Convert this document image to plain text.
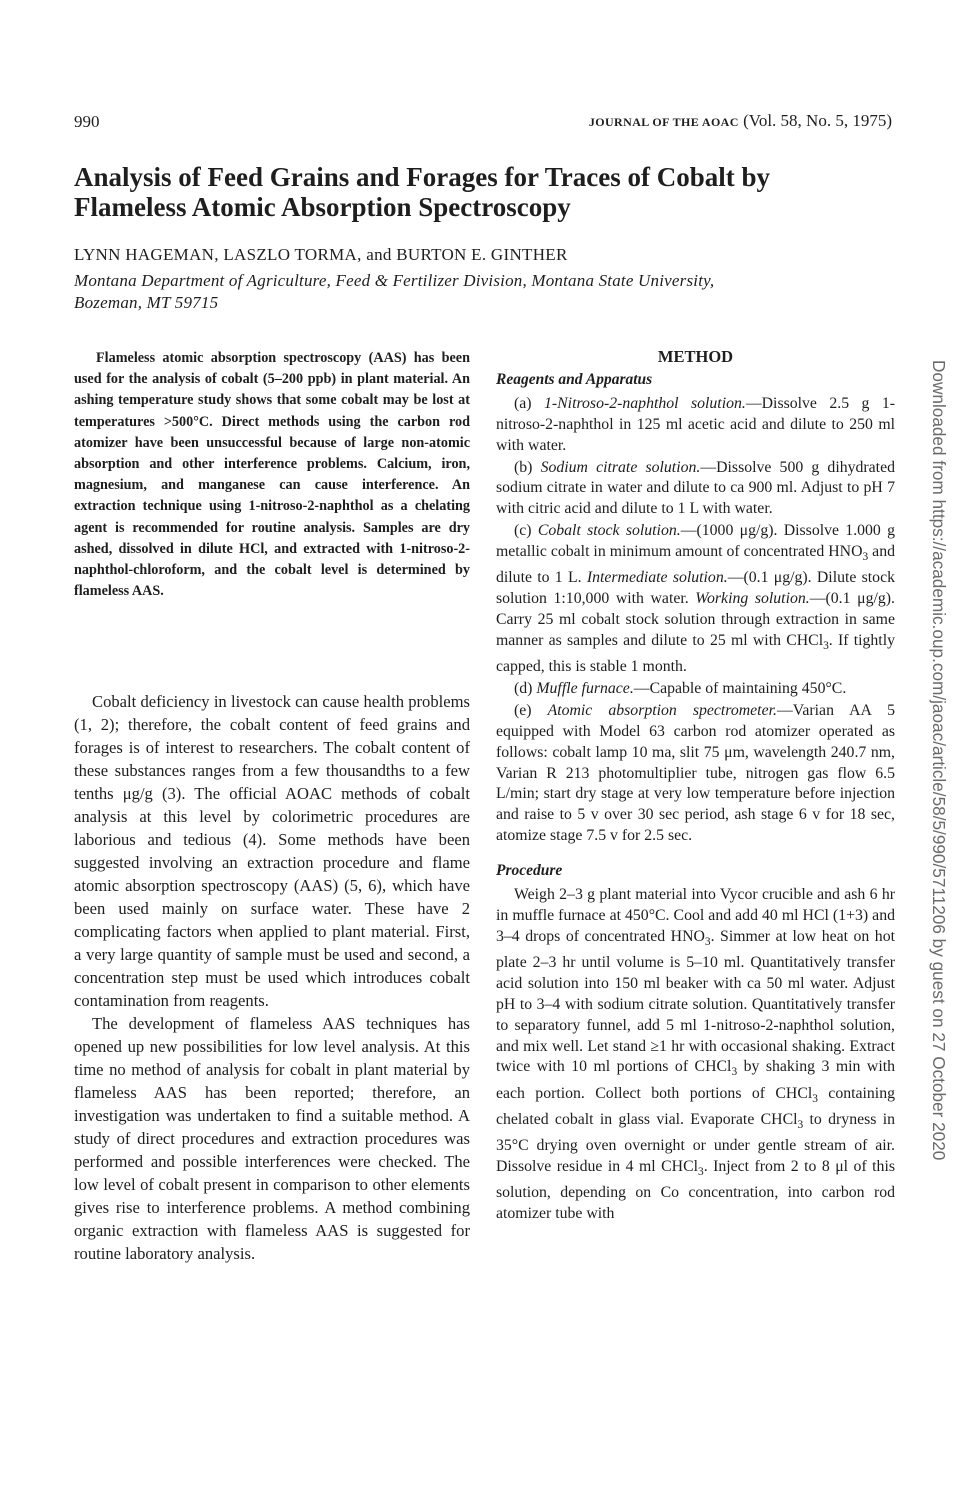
990	JOURNAL OF THE AOAC (Vol. 58, No. 5, 1975)
Analysis of Feed Grains and Forages for Traces of Cobalt by Flameless Atomic Absorption Spectroscopy
LYNN HAGEMAN, LASZLO TORMA, and BURTON E. GINTHER
Montana Department of Agriculture, Feed & Fertilizer Division, Montana State University,
Bozeman, MT 59715

Flameless atomic absorption spectroscopy (AAS) has been used for the analysis of cobalt (5–200 ppb) in plant material. An ashing temperature study shows that some cobalt may be lost at temperatures >500°C. Direct methods using the carbon rod atomizer have been unsuccessful because of large non-atomic absorption and other interference problems. Calcium, iron, magnesium, and manganese can cause interference. An extraction technique using 1-nitroso-2-naphthol as a chelating agent is recommended for routine analysis. Samples are dry ashed, dissolved in dilute HCl, and extracted with 1-nitroso-2-naphthol-chloroform, and the cobalt level is determined by flameless AAS.

Cobalt deficiency in livestock can cause health problems (1, 2); therefore, the cobalt content of feed grains and forages is of interest to researchers. The cobalt content of these substances ranges from a few thousandths to a few tenths μg/g (3). The official AOAC methods of cobalt analysis at this level by colorimetric procedures are laborious and tedious (4). Some methods have been suggested involving an extraction procedure and flame atomic absorption spectroscopy (AAS) (5, 6), which have been used mainly on surface water. These have 2 complicating factors when applied to plant material. First, a very large quantity of sample must be used and second, a concentration step must be used which introduces cobalt contamination from reagents.

The development of flameless AAS techniques has opened up new possibilities for low level analysis. At this time no method of analysis for cobalt in plant material by flameless AAS has been reported; therefore, an investigation was undertaken to find a suitable method. A study of direct procedures and extraction procedures was performed and possible interferences were checked. The low level of cobalt present in comparison to other elements gives rise to interference problems. A method combining organic extraction with flameless AAS is suggested for routine laboratory analysis.

METHOD
Reagents and Apparatus

(a) 1-Nitroso-2-naphthol solution.—Dissolve 2.5 g 1-nitroso-2-naphthol in 125 ml acetic acid and dilute to 250 ml with water.

(b) Sodium citrate solution.—Dissolve 500 g dihydrated sodium citrate in water and dilute to ca 900 ml. Adjust to pH 7 with citric acid and dilute to 1 L with water.

(c) Cobalt stock solution.—(1000 μg/g). Dissolve 1.000 g metallic cobalt in minimum amount of concentrated $HNO_3$ and dilute to 1 L. Intermediate solution.—(0.1 μg/g). Dilute stock solution 1:10,000 with water. Working solution.—(0.1 μg/g). Carry 25 ml cobalt stock solution through extraction in same manner as samples and dilute to 25 ml with CHCl$_3$. If tightly capped, this is stable 1 month.

(d) Muffle furnace.—Capable of maintaining 450°C.

(e) Atomic absorption spectrometer.—Varian AA 5 equipped with Model 63 carbon rod atomizer operated as follows: cobalt lamp 10 ma, slit 75 μm, wavelength 240.7 nm, Varian R 213 photomultiplier tube, nitrogen gas flow 6.5 L/min; start dry stage at very low temperature before injection and raise to 5 v over 30 sec period, ash stage 6 v for 18 sec, atomize stage 7.5 v for 2.5 sec.

Procedure

Weigh 2–3 g plant material into Vycor crucible and ash 6 hr in muffle furnace at 450°C. Cool and add 40 ml HCl (1+3) and 3–4 drops of concentrated $HNO_3$. Simmer at low heat on hot plate 2–3 hr until volume is 5–10 ml. Quantitatively transfer acid solution into 150 ml beaker with ca 50 ml water. Adjust pH to 3–4 with sodium citrate solution. Quantitatively transfer to separatory funnel, add 5 ml 1-nitroso-2-naphthol solution, and mix well. Let stand ≥1 hr with occasional shaking. Extract twice with 10 ml portions of CHCl$_3$ by shaking 3 min with each portion. Collect both portions of CHCl$_3$ containing chelated cobalt in glass vial. Evaporate CHCl$_3$ to dryness in 35°C drying oven overnight or under gentle stream of air. Dissolve residue in 4 ml CHCl$_3$. Inject from 2 to 8 μl of this solution, depending on Co concentration, into carbon rod atomizer tube with

Downloaded from https://academic.oup.com/jaoac/article/58/5/990/5711206 by guest on 27 October 2020
